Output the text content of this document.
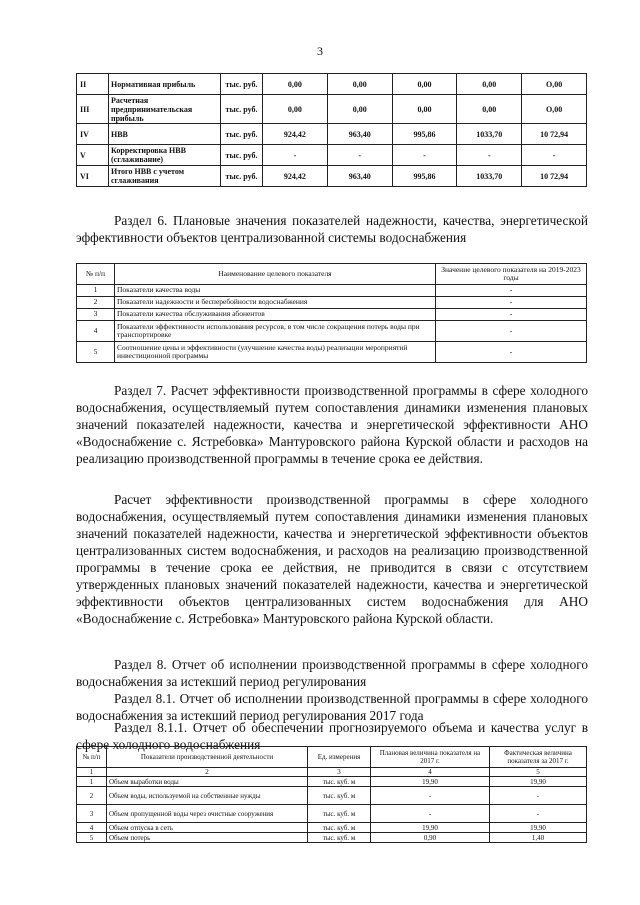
3
II	Нормативная прибыль	тыс. руб.	0,00	0,00	0,00	0,00	О,00
III	Расчетная предпринимательская прибыль	тыс. руб.	0,00	0,00	0,00	0,00	О,00
IV	НВВ	тыс. руб.	924,42	963,40	995,86	1033,70	10 72,94
V	Корректировка НВВ (сглаживание)	тыс. руб.	-	-	-	-	-
VI	Итого НВВ с учетом сглаживания	тыс. руб.	924,42	963,40	995,86	1033,70	10 72,94
Раздел 6. Плановые значения показателей надежности, качества, энергетической эффективности объектов централизованной системы водоснабжения
№ п/п	Наименование целевого показателя	Значение целевого показателя на 2019-2023 годы
1	Показатели качества воды	-
2	Показатели надежности и бесперебойности водоснабжения	-
3	Показатели качества обслуживания абонентов	-
4	Показатели эффективности использования ресурсов, в том числе сокращения потерь воды при транспортировке	-
5	Соотношение цены и эффективности (улучшение качества воды) реализации мероприятий инвестиционной программы	-
Раздел 7. Расчет эффективности производственной программы в сфере холодного водоснабжения, осуществляемый путем сопоставления динамики изменения плановых значений показателей надежности, качества и энергетической эффективности АНО «Водоснабжение с. Ястребовка» Мантуровского района Курской области и расходов на реализацию производственной программы в течение срока ее действия.
Расчет эффективности производственной программы в сфере холодного водоснабжения, осуществляемый путем сопоставления динамики изменения плановых значений показателей надежности, качества и энергетической эффективности объектов централизованных систем водоснабжения, и расходов на реализацию производственной программы в течение срока ее действия, не приводится в связи с отсутствием утвержденных плановых значений показателей надежности, качества и энергетической эффективности объектов централизованных систем водоснабжения для АНО «Водоснабжение с. Ястребовка» Мантуровского района Курской области.
Раздел 8. Отчет об исполнении производственной программы в сфере холодного водоснабжения за истекший период регулирования
Раздел 8.1. Отчет об исполнении производственной программы в сфере холодного водоснабжения за истекший период регулирования 2017 года
Раздел 8.1.1. Отчет об обеспечении прогнозируемого объема и качества услуг в сфере холодного водоснабжения
№ п/п	Показатели производственной деятельности	Ед. измерения	Плановая величина показателя на 2017 г.	Фактическая величина показателя за 2017 г.
1	2	3	4	5
1	Объем выработки воды	тыс. куб. м	19,90	19,90
2	Объем воды, используемой на собственные нужды	тыс. куб. м	-	-
3	Объем пропущенной воды через очистные сооружения	тыс. куб. м	-	-
4	Объем отпуска в сеть	тыс. куб. м	19,90	19,90
5	Объем потерь	тыс. куб. м	0,90	1,40
